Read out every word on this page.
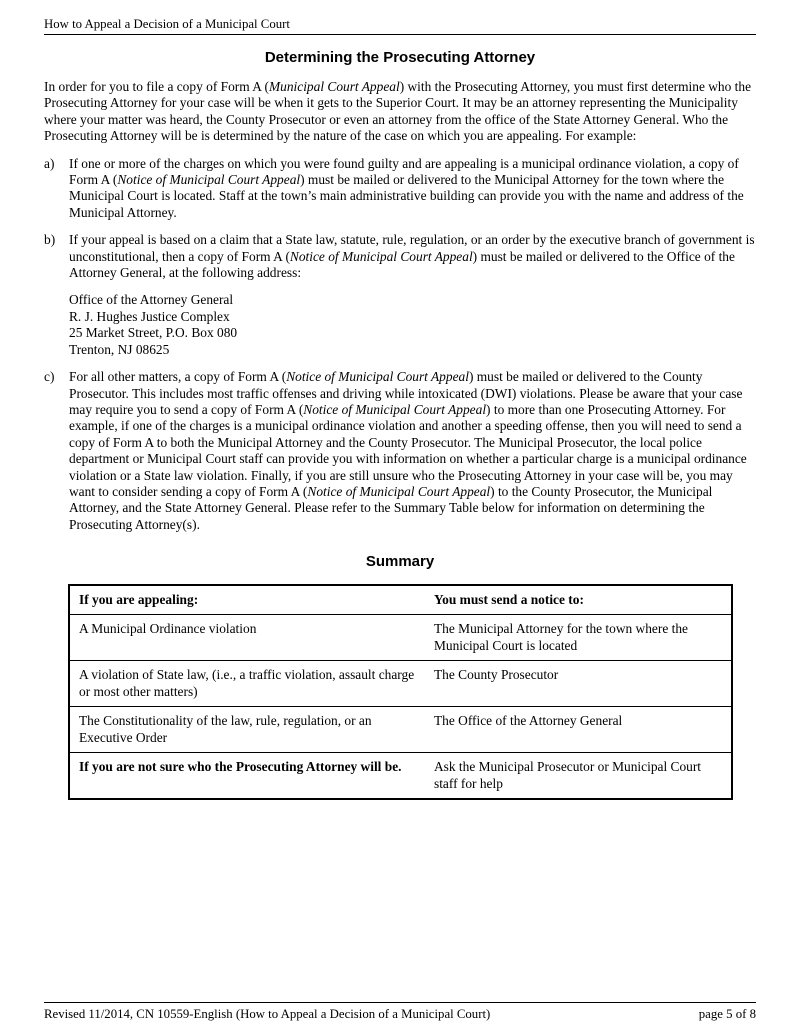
How to Appeal a Decision of a Municipal Court
Determining the Prosecuting Attorney

In order for you to file a copy of Form A (Municipal Court Appeal) with the Prosecuting Attorney, you must first determine who the Prosecuting Attorney for your case will be when it gets to the Superior Court. It may be an attorney representing the Municipality where your matter was heard, the County Prosecutor or even an attorney from the office of the State Attorney General. Who the Prosecuting Attorney will be is determined by the nature of the case on which you are appealing. For example:

a)	If one or more of the charges on which you were found guilty and are appealing is a municipal ordinance violation, a copy of Form A (Notice of Municipal Court Appeal) must be mailed or delivered to the Municipal Attorney for the town where the Municipal Court is located. Staff at the town’s main administrative building can provide you with the name and address of the Municipal Attorney.
b)	If your appeal is based on a claim that a State law, statute, rule, regulation, or an order by the executive branch of government is unconstitutional, then a copy of Form A (Notice of Municipal Court Appeal) must be mailed or delivered to the Office of the Attorney General, at the following address:
Office of the Attorney General
R. J. Hughes Justice Complex
25 Market Street, P.O. Box 080
Trenton, NJ 08625
c)	For all other matters, a copy of Form A (Notice of Municipal Court Appeal) must be mailed or delivered to the County Prosecutor. This includes most traffic offenses and driving while intoxicated (DWI) violations. Please be aware that your case may require you to send a copy of Form A (Notice of Municipal Court Appeal) to more than one Prosecuting Attorney. For example, if one of the charges is a municipal ordinance violation and another a speeding offense, then you will need to send a copy of Form A to both the Municipal Attorney and the County Prosecutor. The Municipal Prosecutor, the local police department or Municipal Court staff can provide you with information on whether a particular charge is a municipal ordinance violation or a State law violation. Finally, if you are still unsure who the Prosecuting Attorney in your case will be, you may want to consider sending a copy of Form A (Notice of Municipal Court Appeal) to the County Prosecutor, the Municipal Attorney, and the State Attorney General. Please refer to the Summary Table below for information on determining the Prosecuting Attorney(s).
Summary
If you are appealing:	You must send a notice to:
A Municipal Ordinance violation	The Municipal Attorney for the town where the Municipal Court is located
A violation of State law, (i.e., a traffic violation, assault charge or most other matters)	The County Prosecutor
The Constitutionality of the law, rule, regulation, or an Executive Order	The Office of the Attorney General
If you are not sure who the Prosecuting Attorney will be.	Ask the Municipal Prosecutor or Municipal Court staff for help
Revised 11/2014, CN 10559-English (How to Appeal a Decision of a Municipal Court)	page 5 of 8
